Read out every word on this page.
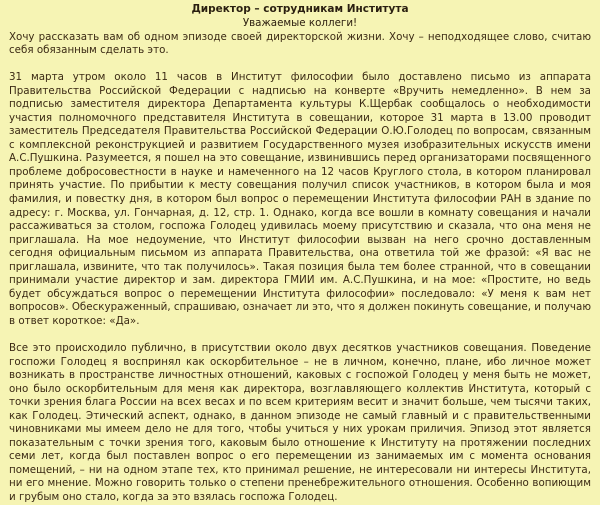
Директор – сотрудникам Института
Уважаемые коллеги!

Хочу рассказать вам об одном эпизоде своей директорской жизни. Хочу – неподходящее слово, считаю себя обязанным сделать это.

31 марта утром около 11 часов в Институт философии было доставлено письмо из аппарата Правительства Российской Федерации с надписью на конверте «Вручить немедленно». В нем за подписью заместителя директора Департамента культуры К.Щербак сообщалось о необходимости участия полномочного представителя Института в совещании, которое 31 марта в 13.00 проводит заместитель Председателя Правительства Российской Федерации О.Ю.Голодец по вопросам, связанным с комплексной реконструкцией и развитием Государственного музея изобразительных искусств имени А.С.Пушкина. Разумеется, я пошел на это совещание, извинившись перед организаторами посвященного проблеме добросовестности в науке и намеченного на 12 часов Круглого стола, в котором планировал принять участие. По прибытии к месту совещания получил список участников, в котором была и моя фамилия, и повестку дня, в котором был вопрос о перемещении Института философии РАН в здание по адресу: г. Москва, ул. Гончарная, д. 12, стр. 1. Однако, когда все вошли в комнату совещания и начали рассаживаться за столом, госпожа Голодец удивилась моему присутствию и сказала, что она меня не приглашала. На мое недоумение, что Институт философии вызван на него срочно доставленным сегодня официальным письмом из аппарата Правительства, она ответила той же фразой: «Я вас не приглашала, извините, что так получилось». Такая позиция была тем более странной, что в совещании принимали участие директор и зам. директора ГМИИ им. А.С.Пушкина, и на мое: «Простите, но ведь будет обсуждаться вопрос о перемещении Института философии» последовало: «У меня к вам нет вопросов». Обескураженный, спрашиваю, означает ли это, что я должен покинуть совещание, и получаю в ответ короткое: «Да».

Все это происходило публично, в присутствии около двух десятков участников совещания. Поведение госпожи Голодец я воспринял как оскорбительное – не в личном, конечно, плане, ибо личное может возникать в пространстве личностных отношений, каковых с госпожой Голодец у меня быть не может, оно было оскорбительным для меня как директора, возглавляющего коллектив Института, который с точки зрения блага России на всех весах и по всем критериям весит и значит больше, чем тысячи таких, как Голодец. Этический аспект, однако, в данном эпизоде не самый главный и с правительственными чиновниками мы имеем дело не для того, чтобы учиться у них урокам приличия. Эпизод этот является показательным с точки зрения того, каковым было отношение к Институту на протяжении последних семи лет, когда был поставлен вопрос о его перемещении из занимаемых им с момента основания помещений, – ни на одном этапе тех, кто принимал решение, не интересовали ни интересы Института, ни его мнение. Можно говорить только о степени пренебрежительного отношения. Особенно вопиющим и грубым оно стало, когда за это взялась госпожа Голодец.
